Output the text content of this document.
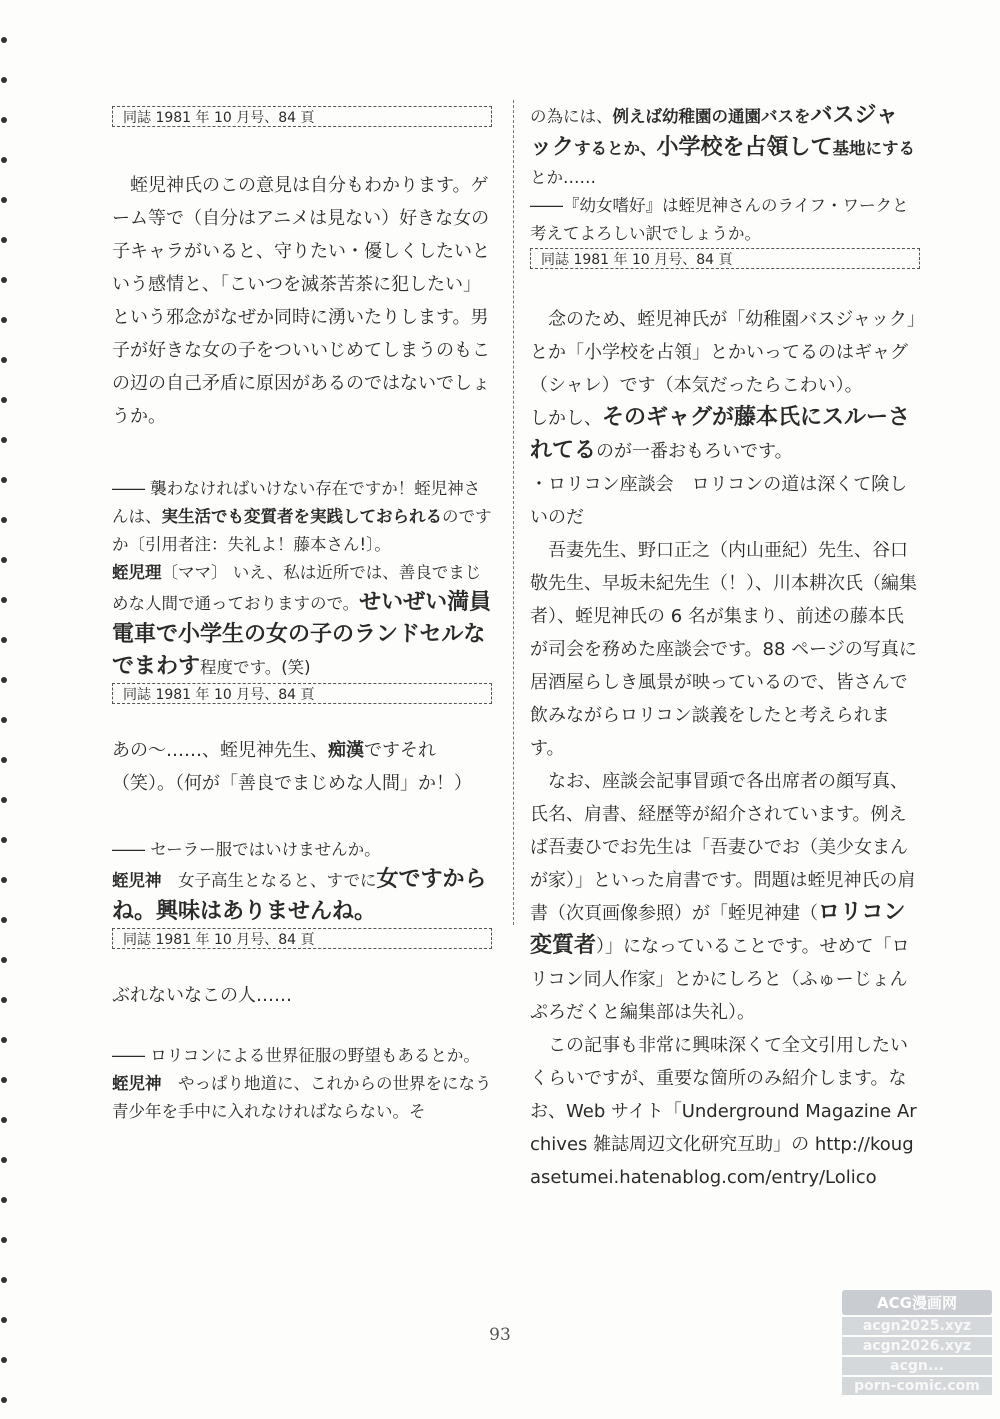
同誌 1981 年 10 月号、84 頁

蛭児神氏のこの意見は自分もわかります。ゲーム等で（自分はアニメは見ない）好きな女の子キャラがいると、守りたい・優しくしたいという感情と、「こいつを滅茶苦茶に犯したい」という邪念がなぜか同時に湧いたりします。男子が好きな女の子をついいじめてしまうのもこの辺の自己矛盾に原因があるのではないでしょうか。

―― 襲わなければいけない存在ですか！蛭児神さんは、実生活でも変質者を実践しておられるのですか〔引用者注：失礼よ！藤本さん!〕。

蛭児理〔ママ〕 いえ、私は近所では、善良でまじめな人間で通っておりますので。せいぜい満員電車で小学生の女の子のランドセルなでまわす程度です。(笑)

同誌 1981 年 10 月号、84 頁

あの～……、蛭児神先生、痴漢ですそれ（笑）。（何が「善良でまじめな人間」か！）

―― セーラー服ではいけませんか。

蛭児神　 女子高生となると、すでに女ですからね。興味はありませんね。

同誌 1981 年 10 月号、84 頁

ぶれないなこの人……

―― ロリコンによる世界征服の野望もあるとか。

蛭児神　 やっぱり地道に、これからの世界をになう青少年を手中に入れなければならない。そ

の為には、例えば幼稚園の通園バスをバスジャックするとか、小学校を占領して基地にするとか……

――『幼女嗜好』は蛭児神さんのライフ・ワークと考えてよろしい訳でしょうか。

同誌 1981 年 10 月号、84 頁

念のため、蛭児神氏が「幼稚園バスジャック」とか「小学校を占領」とかいってるのはギャグ（シャレ）です（本気だったらこわい）。

しかし、そのギャグが藤本氏にスルーされてるのが一番おもろいです。

・ロリコン座談会　ロリコンの道は深くて険しいのだ

吾妻先生、野口正之（内山亜紀）先生、谷口敬先生、早坂未紀先生（！）、川本耕次氏（編集者）、蛭児神氏の 6 名が集まり、前述の藤本氏が司会を務めた座談会です。88 ページの写真に居酒屋らしき風景が映っているので、皆さんで飲みながらロリコン談義をしたと考えられます。

なお、座談会記事冒頭で各出席者の顔写真、氏名、肩書、経歴等が紹介されています。例えば吾妻ひでお先生は「吾妻ひでお（美少女まんが家）」といった肩書です。問題は蛭児神氏の肩書（次頁画像参照）が「蛭児神建（ロリコン変質者）」になっていることです。せめて「ロリコン同人作家」とかにしろと（ふゅーじょんぷろだくと編集部は失礼）。

この記事も非常に興味深くて全文引用したいくらいですが、重要な箇所のみ紹介します。なお、Web サイト「Underground Magazine Archives 雑誌周辺文化研究互助」の http://kougasetumei.hatenablog.com/entry/Lolico

93
ACG漫画网
acgn2025.xyz
acgn2026.xyz
acgn...
porn-comic.com
